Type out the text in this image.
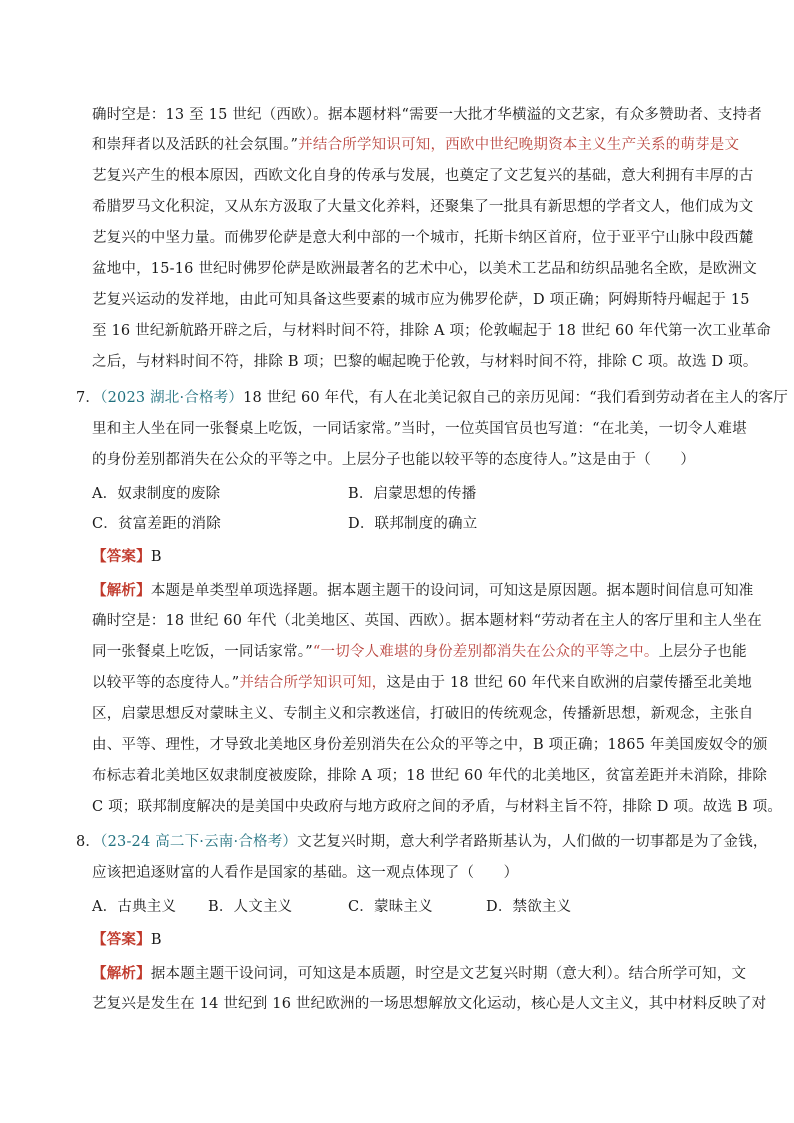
确时空是：13 至 15 世纪（西欧）。据本题材料“需要一大批才华横溢的文艺家，有众多赞助者、支持者
和崇拜者以及活跃的社会氛围。”并结合所学知识可知，西欧中世纪晚期资本主义生产关系的萌芽是文
艺复兴产生的根本原因，西欧文化自身的传承与发展，也奠定了文艺复兴的基础，意大利拥有丰厚的古
希腊罗马文化积淀，又从东方汲取了大量文化养料，还聚集了一批具有新思想的学者文人，他们成为文
艺复兴的中坚力量。而佛罗伦萨是意大利中部的一个城市，托斯卡纳区首府，位于亚平宁山脉中段西麓
盆地中，15-16 世纪时佛罗伦萨是欧洲最著名的艺术中心，以美术工艺品和纺织品驰名全欧，是欧洲文
艺复兴运动的发祥地，由此可知具备这些要素的城市应为佛罗伦萨，D 项正确；阿姆斯特丹崛起于 15
至 16 世纪新航路开辟之后，与材料时间不符，排除 A 项；伦敦崛起于 18 世纪 60 年代第一次工业革命
之后，与材料时间不符，排除 B 项；巴黎的崛起晚于伦敦，与材料时间不符，排除 C 项。故选 D 项。
7．（2023 湖北·合格考）18 世纪 60 年代，有人在北美记叙自己的亲历见闻：“我们看到劳动者在主人的客厅
里和主人坐在同一张餐桌上吃饭，一同话家常。”当时，一位英国官员也写道：“在北美，一切令人难堪
的身份差别都消失在公众的平等之中。上层分子也能以较平等的态度待人。”这是由于（　　）
A．奴隶制度的废除	B．启蒙思想的传播
C．贫富差距的消除	D．联邦制度的确立
【答案】B
【解析】本题是单类型单项选择题。据本题主题干的设问词，可知这是原因题。据本题时间信息可知准
确时空是：18 世纪 60 年代（北美地区、英国、西欧）。据本题材料“劳动者在主人的客厅里和主人坐在
同一张餐桌上吃饭，一同话家常。”“一切令人难堪的身份差别都消失在公众的平等之中。上层分子也能
以较平等的态度待人。”并结合所学知识可知，这是由于 18 世纪 60 年代来自欧洲的启蒙传播至北美地
区，启蒙思想反对蒙昧主义、专制主义和宗教迷信，打破旧的传统观念，传播新思想，新观念，主张自
由、平等、理性，才导致北美地区身份差别消失在公众的平等之中，B 项正确；1865 年美国废奴令的颁
布标志着北美地区奴隶制度被废除，排除 A 项；18 世纪 60 年代的北美地区，贫富差距并未消除，排除
C 项；联邦制度解决的是美国中央政府与地方政府之间的矛盾，与材料主旨不符，排除 D 项。故选 B 项。
8．（23-24 高二下·云南·合格考）文艺复兴时期，意大利学者路斯基认为，人们做的一切事都是为了金钱，
应该把追逐财富的人看作是国家的基础。这一观点体现了（　　）
A．古典主义 B．人文主义	C．蒙昧主义	D．禁欲主义
【答案】B
【解析】据本题主题干设问词，可知这是本质题，时空是文艺复兴时期（意大利）。结合所学可知，文
艺复兴是发生在 14 世纪到 16 世纪欧洲的一场思想解放文化运动，核心是人文主义，其中材料反映了对
